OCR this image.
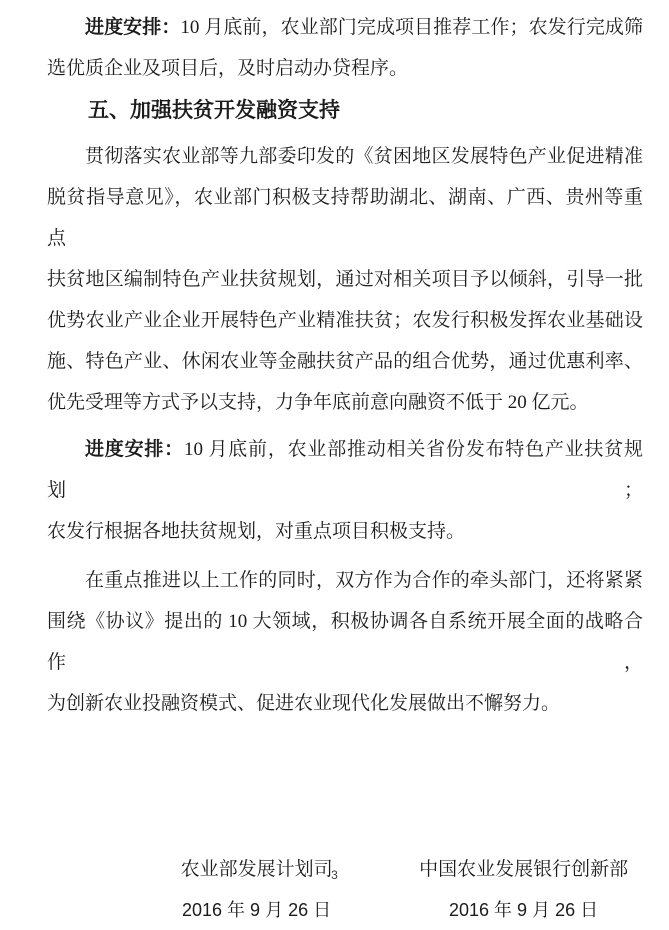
进度安排：10 月底前，农业部门完成项目推荐工作；农发行完成筛
选优质企业及项目后，及时启动办贷程序。
五、加强扶贫开发融资支持
贯彻落实农业部等九部委印发的《贫困地区发展特色产业促进精准
脱贫指导意见》，农业部门积极支持帮助湖北、湖南、广西、贵州等重点
扶贫地区编制特色产业扶贫规划，通过对相关项目予以倾斜，引导一批
优势农业产业企业开展特色产业精准扶贫；农发行积极发挥农业基础设
施、特色产业、休闲农业等金融扶贫产品的组合优势，通过优惠利率、
优先受理等方式予以支持，力争年底前意向融资不低于 20 亿元。
进度安排：10 月底前，农业部推动相关省份发布特色产业扶贫规划；
农发行根据各地扶贫规划，对重点项目积极支持。
在重点推进以上工作的同时，双方作为合作的牵头部门，还将紧紧
围绕《协议》提出的 10 大领域，积极协调各自系统开展全面的战略合作，
为创新农业投融资模式、促进农业现代化发展做出不懈努力。
农业部发展计划司
2016 年 9 月 26 日
中国农业发展银行创新部
2016 年 9 月 26 日
3
